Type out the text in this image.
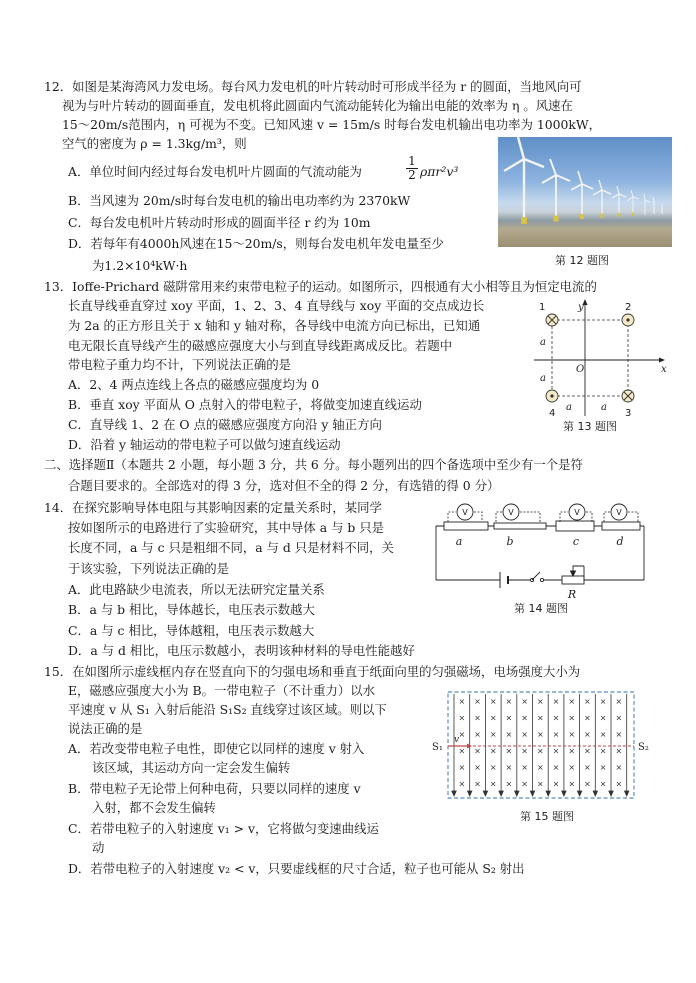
12．如图是某海湾风力发电场。每台风力发电机的叶片转动时可形成半径为 r 的圆面，当地风向可
视为与叶片转动的圆面垂直，发电机将此圆面内气流动能转化为输出电能的效率为 η 。风速在
15～20m/s范围内，η 可视为不变。已知风速 v = 15m/s 时每台发电机输出电功率为 1000kW，
空气的密度为 ρ = 1.3kg/m³，则
A．单位时间内经过每台发电机叶片圆面的气流动能为	$\frac{1}{2} \rho\pi r^2v^3$
B．当风速为 20m/s时每台发电机的输出电功率约为 2370kW
C．每台发电机叶片转动时形成的圆面半径 r 约为 10m
D．若每年有4000h风速在15～20m/s，则每台发电机年发电量至少
为1.2×10⁴kW·h	第 12 题图
13．Ioffe-Prichard 磁阱常用来约束带电粒子的运动。如图所示，四根通有大小相等且为恒定电流的
长直导线垂直穿过 xoy 平面，1、2、3、4 直导线与 xoy 平面的交点成边长
为 2a 的正方形且关于 x 轴和 y 轴对称，各导线中电流方向已标出，已知通
电无限长直导线产生的磁感应强度大小与到直导线距离成反比。若题中
带电粒子重力均不计，下列说法正确的是
A．2、4 两点连线上各点的磁感应强度均为 0
B．垂直 xoy 平面从 O 点射入的带电粒子，将做变加速直线运动
C．直导线 1、2 在 O 点的磁感应强度方向沿 y 轴正方向
D．沿着 y 轴运动的带电粒子可以做匀速直线运动
y
x
O
a
a
a	a
1	2
3
4
第 13 题图
二、选择题Ⅱ（本题共 2 小题，每小题 3 分，共 6 分。每小题列出的四个备选项中至少有一个是符
合题目要求的。全部选对的得 3 分，选对但不全的得 2 分，有选错的得 0 分）
14．在探究影响导体电阻与其影响因素的定量关系时，某同学
按如图所示的电路进行了实验研究，其中导体 a 与 b 只是
长度不同，a 与 c 只是粗细不同，a 与 d 只是材料不同，关
于该实验，下列说法正确的是
A．此电路缺少电流表，所以无法研究定量关系
B．a 与 b 相比，导体越长，电压表示数越大
C．a 与 c 相比，导体越粗，电压表示数越大
D．a 与 d 相比，电压示数越小，表明该种材料的导电性能越好
V	V	V	V
a	b	c	d
R
第 14 题图
15．在如图所示虚线框内存在竖直向下的匀强电场和垂直于纸面向里的匀强磁场，电场强度大小为
E，磁感应强度大小为 B。一带电粒子（不计重力）以水
平速度 v 从 S₁ 入射后能沿 S₁S₂ 直线穿过该区域。则以下
说法正确的是
A．若改变带电粒子电性，即使它以同样的速度 v 射入
该区域，其运动方向一定会发生偏转
B．带电粒子无论带上何种电荷，只要以同样的速度 v
入射，都不会发生偏转
C．若带电粒子的入射速度 v₁ > v，它将做匀变速曲线运
动
D．若带电粒子的入射速度 v₂ < v，只要虚线框的尺寸合适，粒子也可能从 S₂ 射出
× × × × × × × × × × ×
× × × × × × × × × × ×
× × × × × × × × × × ×
× × × × × × × × × × ×
× × × × × × × × × × ×
× × × × × × × × × × ×
S₁	S₂
v
第 15 题图
